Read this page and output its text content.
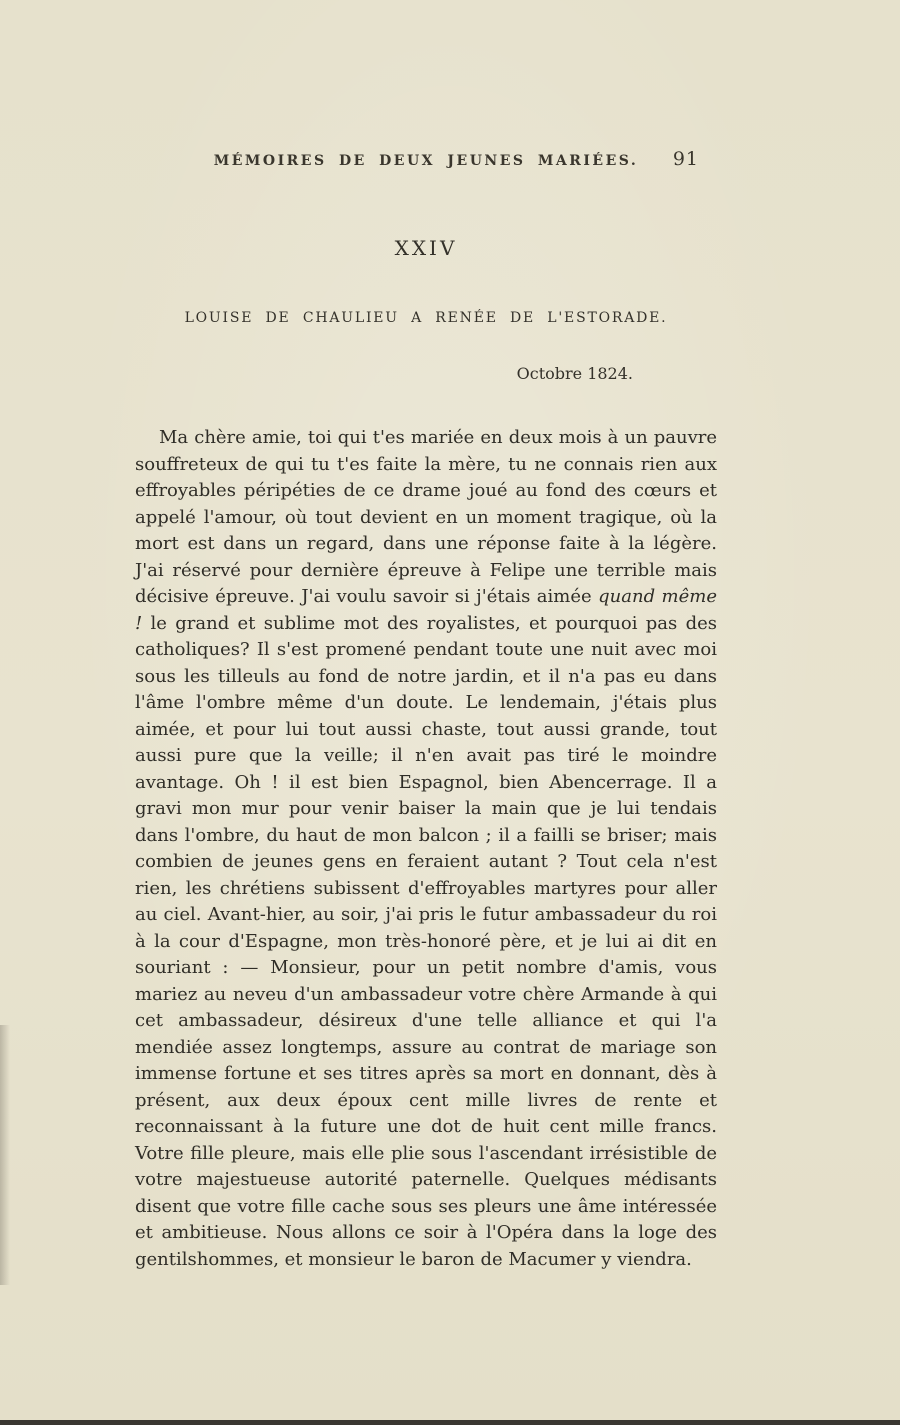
MÉMOIRES DE DEUX JEUNES MARIÉES. 91
XXIV
LOUISE DE CHAULIEU A RENÉE DE L'ESTORADE.
Octobre 1824.

Ma chère amie, toi qui t'es mariée en deux mois à un pauvre souffreteux de qui tu t'es faite la mère, tu ne connais rien aux effroyables péripéties de ce drame joué au fond des cœurs et appelé l'amour, où tout devient en un moment tragique, où la mort est dans un regard, dans une réponse faite à la légère. J'ai réservé pour dernière épreuve à Felipe une terrible mais décisive épreuve. J'ai voulu savoir si j'étais aimée quand même ! le grand et sublime mot des royalistes, et pourquoi pas des catholiques? Il s'est promené pendant toute une nuit avec moi sous les tilleuls au fond de notre jardin, et il n'a pas eu dans l'âme l'ombre même d'un doute. Le lendemain, j'étais plus aimée, et pour lui tout aussi chaste, tout aussi grande, tout aussi pure que la veille; il n'en avait pas tiré le moindre avantage. Oh ! il est bien Espagnol, bien Abencerrage. Il a gravi mon mur pour venir baiser la main que je lui tendais dans l'ombre, du haut de mon balcon ; il a failli se briser; mais combien de jeunes gens en feraient autant ? Tout cela n'est rien, les chrétiens subissent d'effroyables martyres pour aller au ciel. Avant-hier, au soir, j'ai pris le futur ambassadeur du roi à la cour d'Espagne, mon très-honoré père, et je lui ai dit en souriant : — Monsieur, pour un petit nombre d'amis, vous mariez au neveu d'un ambassadeur votre chère Armande à qui cet ambassadeur, désireux d'une telle alliance et qui l'a mendiée assez longtemps, assure au contrat de mariage son immense fortune et ses titres après sa mort en donnant, dès à présent, aux deux époux cent mille livres de rente et reconnaissant à la future une dot de huit cent mille francs. Votre fille pleure, mais elle plie sous l'ascendant irrésistible de votre majestueuse autorité paternelle. Quelques médisants disent que votre fille cache sous ses pleurs une âme intéressée et ambitieuse. Nous allons ce soir à l'Opéra dans la loge des gentilshommes, et monsieur le baron de Macumer y viendra.
